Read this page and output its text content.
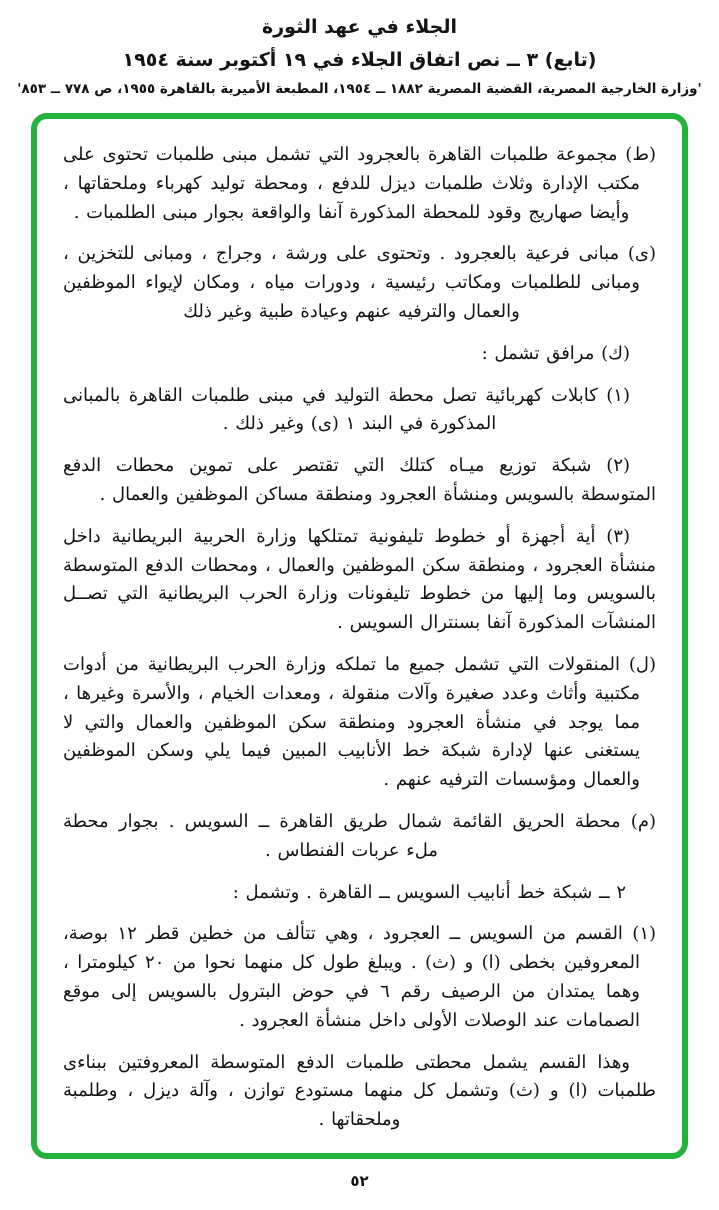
الجلاء في عهد الثورة
(تابع) ٣ ــ نص اتفاق الجلاء في ١٩ أكتوبر سنة ١٩٥٤
'وزارة الخارجية المصرية، القضية المصرية ١٨٨٢ ــ ١٩٥٤، المطبعة الأميرية بالقاهرة ١٩٥٥، ص ٧٧٨ ــ ٨٥٣'

(ط) مجموعة طلمبات القاهرة بالعجرود التي تشمل مبنى طلمبات تحتوى على مكتب الإدارة وثلاث طلمبات ديزل للدفع ، ومحطة توليد كهرباء وملحقاتها ، وأيضا صهاريج وقود للمحطة المذكورة آنفا والواقعة بجوار مبنى الطلمبات .

(ى) مبانى فرعية بالعجرود . وتحتوى على ورشة ، وجراج ، ومبانى للتخزين ، ومبانى للطلمبات ومكاتب رئيسية ، ودورات مياه ، ومكان لإيواء الموظفين والعمال والترفيه عنهم وعيادة طبية وغير ذلك

(ك) مرافق تشمل :

(١) كابلات كهربائية تصل محطة التوليد في مبنى طلمبات القاهرة بالمبانى المذكورة في البند ١ (ى) وغير ذلك .

(٢) شبكة توزيع ميـاه كتلك التي تقتصر على تموين محطات الدفع المتوسطة بالسويس ومنشأة العجرود ومنطقة مساكن الموظفين والعمال .

(٣) أية أجهزة أو خطوط تليفونية تمتلكها وزارة الحربية البريطانية داخل منشأة العجرود ، ومنطقة سكن الموظفين والعمال ، ومحطات الدفع المتوسطة بالسويس وما إليها من خطوط تليفونات وزارة الحرب البريطانية التي تصــل المنشآت المذكورة آنفا بسنترال السويس .

(ل) المنقولات التي تشمل جميع ما تملكه وزارة الحرب البريطانية من أدوات مكتبية وأثاث وعدد صغيرة وآلات منقولة ، ومعدات الخيام ، والأسرة وغيرها ، مما يوجد في منشأة العجرود ومنطقة سكن الموظفين والعمال والتي لا يستغنى عنها لإدارة شبكة خط الأنابيب المبين فيما يلي وسكن الموظفين والعمال ومؤسسات الترفيه عنهم .

(م) محطة الحريق القائمة شمال طريق القاهرة ــ السويس . بجوار محطة ملء عربات الفنطاس .

٢ ــ شبكة خط أنابيب السويس ــ القاهرة . وتشمل :

(١) القسم من السويس ــ العجرود ، وهي تتألف من خطين قطر ١٢ بوصة، المعروفين بخطى (ا) و (ث) . ويبلغ طول كل منهما نحوا من ٢٠ كيلومترا ، وهما يمتدان من الرصيف رقم ٦ في حوض البترول بالسويس إلى موقع الصمامات عند الوصلات الأولى داخل منشأة العجرود .

وهذا القسم يشمل محطتى طلمبات الدفع المتوسطة المعروفتين ببناءى طلمبات (ا) و (ث) وتشمل كل منهما مستودع توازن ، وآلة ديزل ، وطلمبة وملحقاتها .

٥٢
